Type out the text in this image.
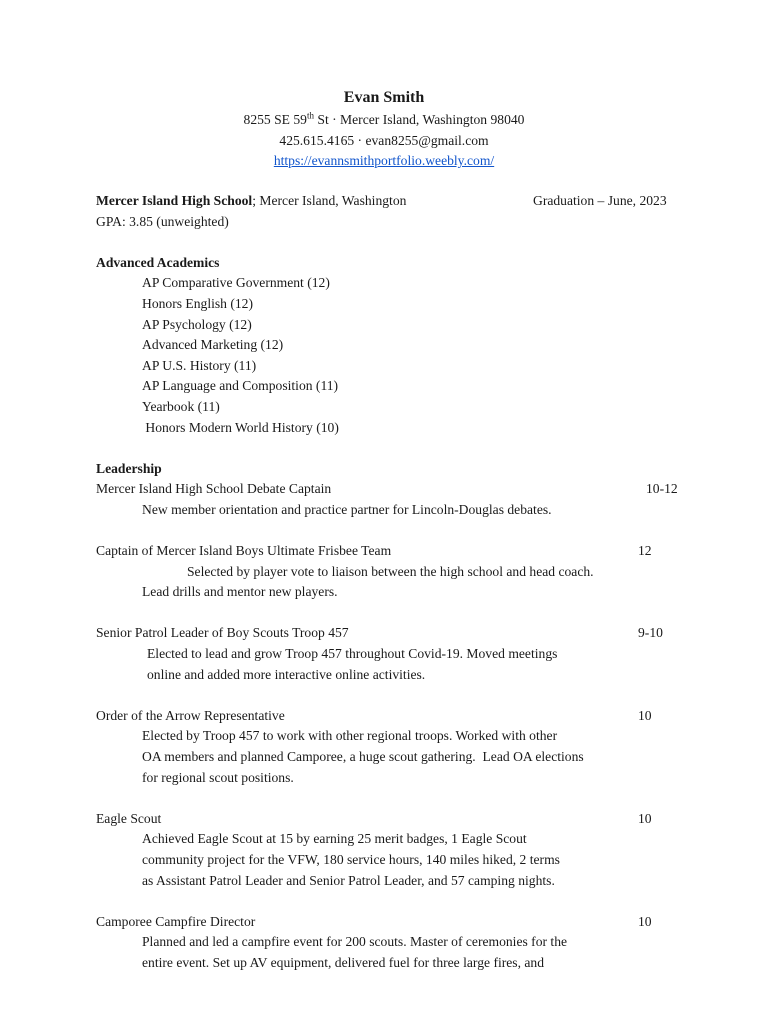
Evan Smith
8255 SE 59th St · Mercer Island, Washington 98040
425.615.4165 · evan8255@gmail.com
https://evannsmithportfolio.weebly.com/
Mercer Island High School; Mercer Island, Washington	Graduation – June, 2023
GPA: 3.85 (unweighted)
Advanced Academics
AP Comparative Government (12)
Honors English (12)
AP Psychology (12)
Advanced Marketing (12)
AP U.S. History (11)
AP Language and Composition (11)
Yearbook (11)
Honors Modern World History (10)
Leadership
Mercer Island High School Debate Captain	10-12
New member orientation and practice partner for Lincoln-Douglas debates.
Captain of Mercer Island Boys Ultimate Frisbee Team	12
Selected by player vote to liaison between the high school and head coach.
Lead drills and mentor new players.
Senior Patrol Leader of Boy Scouts Troop 457	9-10
Elected to lead and grow Troop 457 throughout Covid-19. Moved meetings
online and added more interactive online activities.
Order of the Arrow Representative	10
Elected by Troop 457 to work with other regional troops. Worked with other
OA members and planned Camporee, a huge scout gathering.  Lead OA elections
for regional scout positions.
Eagle Scout	10
Achieved Eagle Scout at 15 by earning 25 merit badges, 1 Eagle Scout
community project for the VFW, 180 service hours, 140 miles hiked, 2 terms
as Assistant Patrol Leader and Senior Patrol Leader, and 57 camping nights.
Camporee Campfire Director	10
Planned and led a campfire event for 200 scouts. Master of ceremonies for the
entire event. Set up AV equipment, delivered fuel for three large fires, and
